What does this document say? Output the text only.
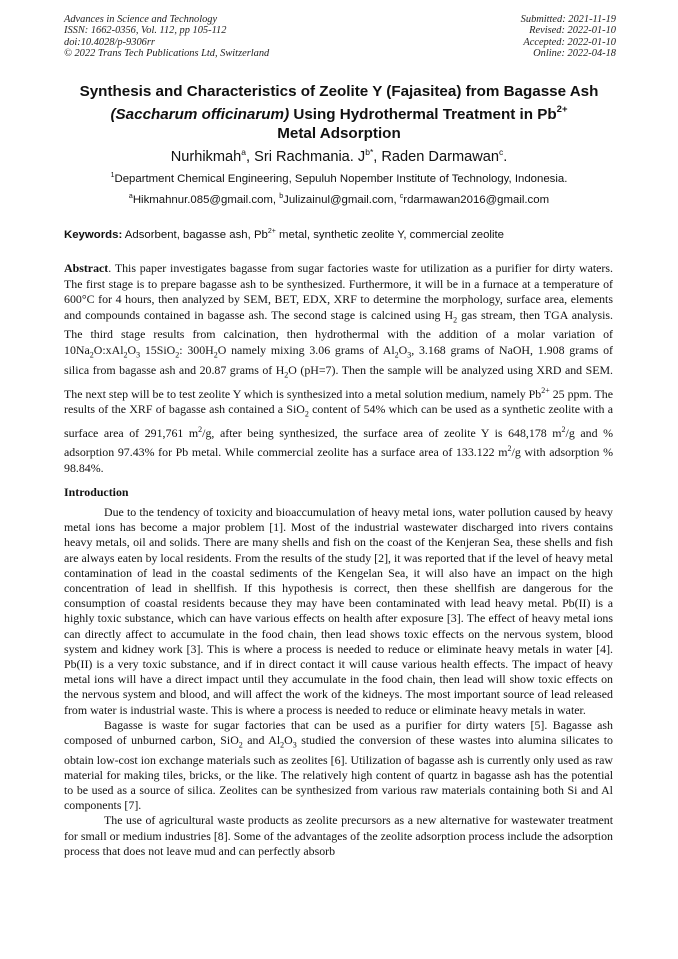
Advances in Science and Technology
ISSN: 1662-0356, Vol. 112, pp 105-112
doi:10.4028/p-9306rr
© 2022 Trans Tech Publications Ltd, Switzerland
Submitted: 2021-11-19
Revised: 2022-01-10
Accepted: 2022-01-10
Online: 2022-04-18
Synthesis and Characteristics of Zeolite Y (Fajasitea) from Bagasse Ash
(Saccharum officinarum) Using Hydrothermal Treatment in $Pb^{2+}$
Metal Adsorption
Nurhikmah$^a$, Sri Rachmania. $J^{b*}$, Raden Darmawan$^c$.
$^1$Department Chemical Engineering, Sepuluh Nopember Institute of Technology, Indonesia.
$^a$Hikmahnur.085@gmail.com, $^b$Julizainul@gmail.com, $^c$rdarmawan2016@gmail.com
Keywords: Adsorbent, bagasse ash, $Pb^{2+}$ metal, synthetic zeolite Y, commercial zeolite
Abstract. This paper investigates bagasse from sugar factories waste for utilization as a purifier for dirty waters. The first stage is to prepare bagasse ash to be synthesized. Furthermore, it will be in a furnace at a temperature of 600°C for 4 hours, then analyzed by SEM, BET, EDX, XRF to determine the morphology, surface area, elements and compounds contained in bagasse ash. The second stage is calcined using $H_2$ gas stream, then TGA analysis. The third stage results from calcination, then hydrothermal with the addition of a molar variation of $10Na_2O:xAl_2O_3$ 15SiO$_2$: $300H_2O$ namely mixing 3.06 grams of $Al_2O_3$, 3.168 grams of NaOH, 1.908 grams of silica from bagasse ash and 20.87 grams of $H_2O$ (pH=7). Then the sample will be analyzed using XRD and SEM. The next step will be to test zeolite Y which is synthesized into a metal solution medium, namely $Pb^{2+}$ 25 ppm. The results of the XRF of bagasse ash contained a SiO$_2$ content of 54% which can be used as a synthetic zeolite with a surface area of 291,761 $m^2/g$, after being synthesized, the surface area of zeolite Y is 648,178 $m^2/g$ and % adsorption 97.43% for Pb metal. While commercial zeolite has a surface area of 133.122 $m^2/g$ with adsorption % 98.84%.
Introduction

Due to the tendency of toxicity and bioaccumulation of heavy metal ions, water pollution caused by heavy metal ions has become a major problem [1]. Most of the industrial wastewater discharged into rivers contains heavy metals, oil and solids. There are many shells and fish on the coast of the Kenjeran Sea, these shells and fish are always eaten by local residents. From the results of the study [2], it was reported that if the level of heavy metal contamination of lead in the coastal sediments of the Kengelan Sea, it will also have an impact on the high concentration of lead in shellfish. If this hypothesis is correct, then these shellfish are dangerous for the consumption of coastal residents because they may have been contaminated with lead heavy metal. Pb(II) is a highly toxic substance, which can have various effects on health after exposure [3]. The effect of heavy metal ions can directly affect to accumulate in the food chain, then lead shows toxic effects on the nervous system, blood system and kidney work [3]. This is where a process is needed to reduce or eliminate heavy metals in water [4]. Pb(II) is a very toxic substance, and if in direct contact it will cause various health effects. The impact of heavy metal ions will have a direct impact until they accumulate in the food chain, then lead will show toxic effects on the nervous system and blood, and will affect the work of the kidneys. The most important source of lead released from water is industrial waste. This is where a process is needed to reduce or eliminate heavy metals in water.

Bagasse is waste for sugar factories that can be used as a purifier for dirty waters [5]. Bagasse ash composed of unburned carbon, SiO$_2$ and $Al_2O_3$ studied the conversion of these wastes into alumina silicates to obtain low-cost ion exchange materials such as zeolites [6]. Utilization of bagasse ash is currently only used as raw material for making tiles, bricks, or the like. The relatively high content of quartz in bagasse ash has the potential to be used as a source of silica. Zeolites can be synthesized from various raw materials containing both Si and Al components [7].

The use of agricultural waste products as zeolite precursors as a new alternative for wastewater treatment for small or medium industries [8]. Some of the advantages of the zeolite adsorption process include the adsorption process that does not leave mud and can perfectly absorb
